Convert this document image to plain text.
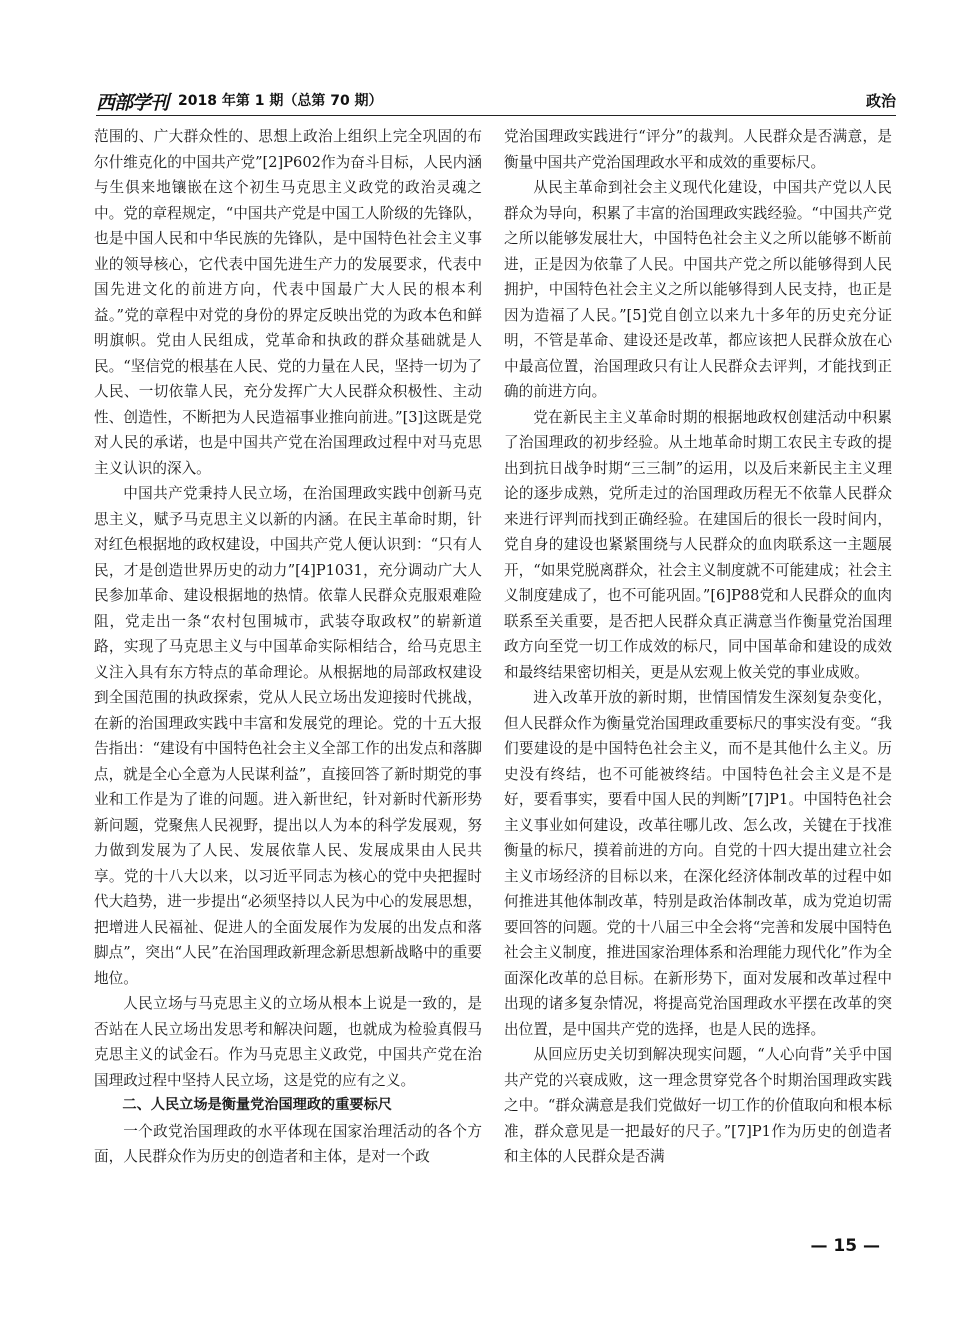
西部学刊 2018 年第 1 期（总第 70 期）	政治

范围的、广大群众性的、思想上政治上组织上完全巩固的布尔什维克化的中国共产党”[2]P602作为奋斗目标，人民内涵与生俱来地镶嵌在这个初生马克思主义政党的政治灵魂之中。党的章程规定，“中国共产党是中国工人阶级的先锋队，也是中国人民和中华民族的先锋队，是中国特色社会主义事业的领导核心，它代表中国先进生产力的发展要求，代表中国先进文化的前进方向，代表中国最广大人民的根本利益。”党的章程中对党的身份的界定反映出党的为政本色和鲜明旗帜。党由人民组成，党革命和执政的群众基础就是人民。“坚信党的根基在人民、党的力量在人民，坚持一切为了人民、一切依靠人民，充分发挥广大人民群众积极性、主动性、创造性，不断把为人民造福事业推向前进。”[3]这既是党对人民的承诺，也是中国共产党在治国理政过程中对马克思主义认识的深入。

中国共产党秉持人民立场，在治国理政实践中创新马克思主义，赋予马克思主义以新的内涵。在民主革命时期，针对红色根据地的政权建设，中国共产党人便认识到：“只有人民，才是创造世界历史的动力”[4]P1031，充分调动广大人民参加革命、建设根据地的热情。依靠人民群众克服艰难险阻，党走出一条“农村包围城市，武装夺取政权”的崭新道路，实现了马克思主义与中国革命实际相结合，给马克思主义注入具有东方特点的革命理论。从根据地的局部政权建设到全国范围的执政探索，党从人民立场出发迎接时代挑战，在新的治国理政实践中丰富和发展党的理论。党的十五大报告指出：“建设有中国特色社会主义全部工作的出发点和落脚点，就是全心全意为人民谋利益”，直接回答了新时期党的事业和工作是为了谁的问题。进入新世纪，针对新时代新形势新问题，党聚焦人民视野，提出以人为本的科学发展观，努力做到发展为了人民、发展依靠人民、发展成果由人民共享。党的十八大以来，以习近平同志为核心的党中央把握时代大趋势，进一步提出“必须坚持以人民为中心的发展思想，把增进人民福祉、促进人的全面发展作为发展的出发点和落脚点”，突出“人民”在治国理政新理念新思想新战略中的重要地位。

人民立场与马克思主义的立场从根本上说是一致的，是否站在人民立场出发思考和解决问题，也就成为检验真假马克思主义的试金石。作为马克思主义政党，中国共产党在治国理政过程中坚持人民立场，这是党的应有之义。

二、人民立场是衡量党治国理政的重要标尺

一个政党治国理政的水平体现在国家治理活动的各个方面，人民群众作为历史的创造者和主体，是对一个政

党治国理政实践进行“评分”的裁判。人民群众是否满意，是衡量中国共产党治国理政水平和成效的重要标尺。

从民主革命到社会主义现代化建设，中国共产党以人民群众为导向，积累了丰富的治国理政实践经验。“中国共产党之所以能够发展壮大，中国特色社会主义之所以能够不断前进，正是因为依靠了人民。中国共产党之所以能够得到人民拥护，中国特色社会主义之所以能够得到人民支持，也正是因为造福了人民。”[5]党自创立以来九十多年的历史充分证明，不管是革命、建设还是改革，都应该把人民群众放在心中最高位置，治国理政只有让人民群众去评判，才能找到正确的前进方向。

党在新民主主义革命时期的根据地政权创建活动中积累了治国理政的初步经验。从土地革命时期工农民主专政的提出到抗日战争时期“三三制”的运用，以及后来新民主主义理论的逐步成熟，党所走过的治国理政历程无不依靠人民群众来进行评判而找到正确经验。在建国后的很长一段时间内，党自身的建设也紧紧围绕与人民群众的血肉联系这一主题展开，“如果党脱离群众，社会主义制度就不可能建成；社会主义制度建成了，也不可能巩固。”[6]P88党和人民群众的血肉联系至关重要，是否把人民群众真正满意当作衡量党治国理政方向至党一切工作成效的标尺，同中国革命和建设的成效和最终结果密切相关，更是从宏观上攸关党的事业成败。

进入改革开放的新时期，世情国情发生深刻复杂变化，但人民群众作为衡量党治国理政重要标尺的事实没有变。“我们要建设的是中国特色社会主义，而不是其他什么主义。历史没有终结，也不可能被终结。中国特色社会主义是不是好，要看事实，要看中国人民的判断”[7]P1。中国特色社会主义事业如何建设，改革往哪儿改、怎么改，关键在于找准衡量的标尺，摸着前进的方向。自党的十四大提出建立社会主义市场经济的目标以来，在深化经济体制改革的过程中如何推进其他体制改革，特别是政治体制改革，成为党迫切需要回答的问题。党的十八届三中全会将“完善和发展中国特色社会主义制度，推进国家治理体系和治理能力现代化”作为全面深化改革的总目标。在新形势下，面对发展和改革过程中出现的诸多复杂情况，将提高党治国理政水平摆在改革的突出位置，是中国共产党的选择，也是人民的选择。

从回应历史关切到解决现实问题，“人心向背”关乎中国共产党的兴衰成败，这一理念贯穿党各个时期治国理政实践之中。“群众满意是我们党做好一切工作的价值取向和根本标准，群众意见是一把最好的尺子。”[7]P1作为历史的创造者和主体的人民群众是否满

— 15 —
